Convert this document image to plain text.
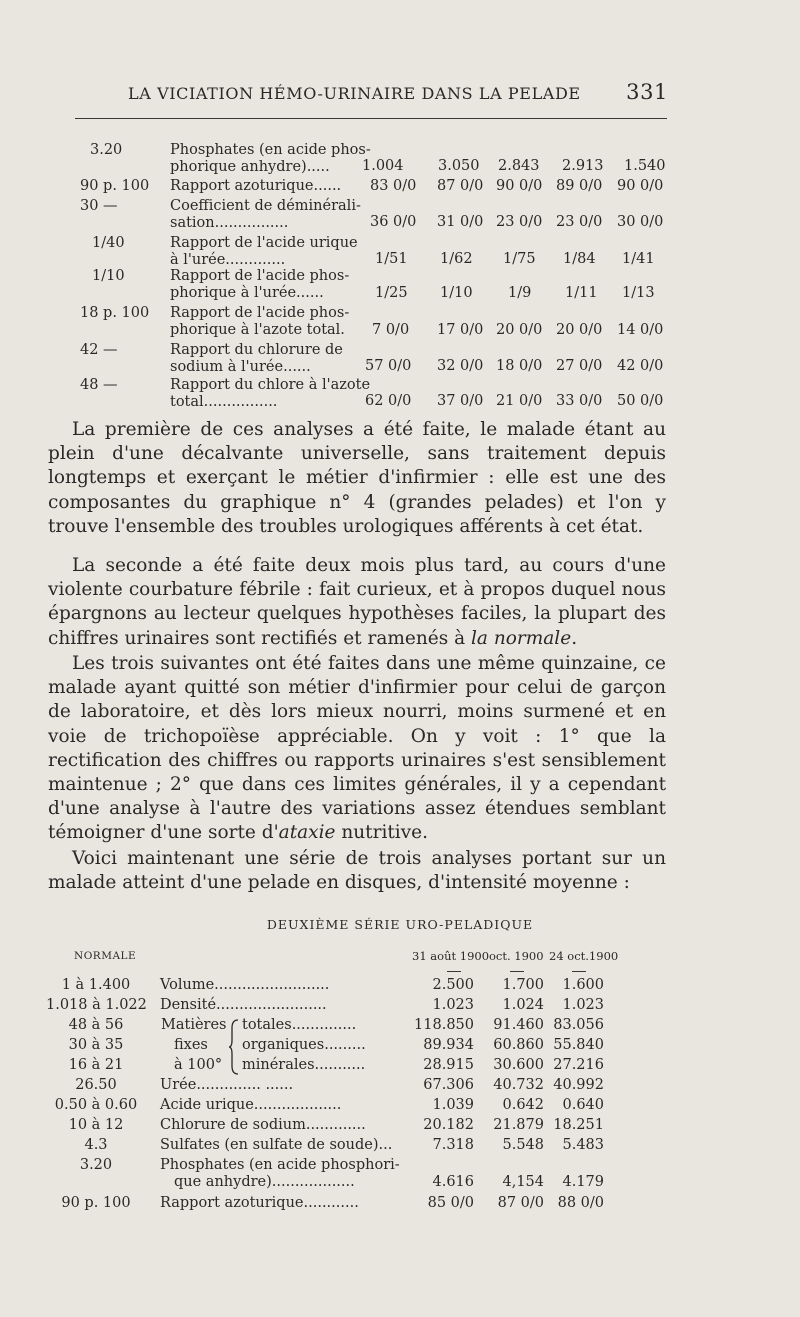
LA VICIATION HÉMO-URINAIRE DANS LA PELADE 331
3.20	Phosphates (en acide phos-
phorique anhydre).....	1.004 3.050 2.843 2.913 1.540
90 p. 100 Rapport azoturique......	83 0/0 87 0/0 90 0/0 89 0/0 90 0/0
30 —	Coefficient de déminérali-
sation................	36 0/0 31 0/0 23 0/0 23 0/0 30 0/0
1/40	Rapport de l'acide urique
à l'urée.............	1/51 1/62 1/75 1/84 1/41
1/10	Rapport de l'acide phos-
phorique à l'urée......	1/25 1/10 1/9 1/11 1/13
18 p. 100 Rapport de l'acide phos-
phorique à l'azote total.	7 0/0 17 0/0 20 0/0 20 0/0 14 0/0
42 —	Rapport du chlorure de
sodium à l'urée......	57 0/0 32 0/0 18 0/0 27 0/0 42 0/0
48 —	Rapport du chlore à l'azote
total................	62 0/0 37 0/0 21 0/0 33 0/0 50 0/0

La première de ces analyses a été faite, le malade étant au plein d'une décalvante universelle, sans traitement depuis longtemps et exerçant le métier d'infirmier : elle est une des composantes du graphique n° 4 (grandes pelades) et l'on y trouve l'ensemble des troubles urologiques afférents à cet état.

La seconde a été faite deux mois plus tard, au cours d'une violente courbature fébrile : fait curieux, et à propos duquel nous épargnons au lecteur quelques hypothèses faciles, la plupart des chiffres urinaires sont rectifiés et ramenés à la normale.

Les trois suivantes ont été faites dans une même quinzaine, ce malade ayant quitté son métier d'infirmier pour celui de garçon de laboratoire, et dès lors mieux nourri, moins surmené et en voie de trichopoïèse appréciable. On y voit : 1° que la rectification des chiffres ou rapports urinaires s'est sensiblement maintenue ; 2° que dans ces limites générales, il y a cependant d'une analyse à l'autre des variations assez étendues semblant témoigner d'une sorte d'ataxie nutritive.

Voici maintenant une série de trois analyses portant sur un malade atteint d'une pelade en disques, d'intensité moyenne :

DEUXIÈME SÉRIE URO-PELADIQUE
NORMALE	31 août 1900 oct. 1900 24 oct.1900
1 à 1.400	Volume.........................	2.500	1.700	1.600
1.018 à 1.022 Densité........................	1.023	1.024	1.023
Matières
fixes
à 100°
48 à 56	totales..............	118.850	91.460 83.056
30 à 35	organiques.........	89.934	60.860 55.840
16 à 21	minérales...........	28.915	30.600 27.216
26.50	Urée.............. ......	67.306	40.732 40.992
0.50 à 0.60	Acide urique...................	1.039	0.642	0.640
10 à 12	Chlorure de sodium.............	20.182	21.879 18.251
4.3	Sulfates (en sulfate de soude)...	7.318	5.548	5.483
3.20	Phosphates (en acide phosphori-
que anhydre)..................	4.616	4,154	4.179
90 p. 100	Rapport azoturique............	85 0/0	87 0/0 88 0/0
